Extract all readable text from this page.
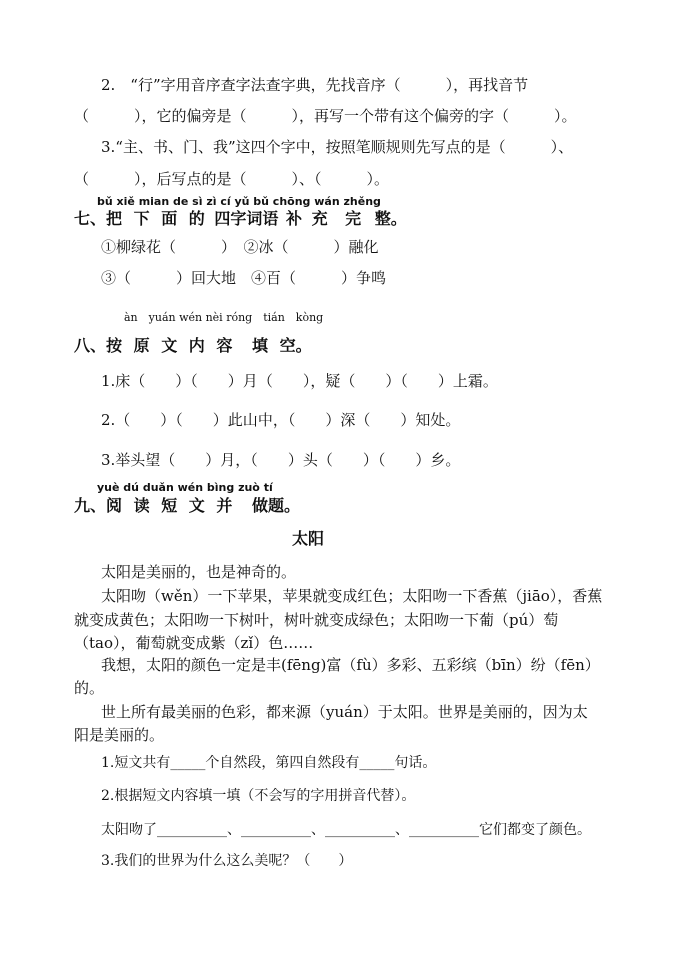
2.　“行”字用音序查字法查字典，先找音序（　　　），再找音节
（　　　），它的偏旁是（　　　），再写一个带有这个偏旁的字（　　　）。
3.“主、书、门、我”这四个字中，按照笔顺规则先写点的是（　　　）、
（　　　），后写点的是（　　　）、（　　　）。
bǔ xiě mian de sì zì cí yǔ bǔ chōng wán zhěng
七、把 下 面 的 四字词语 补 充 完 整。
①柳绿花（　　　）　②冰（　　　）融化
③（　　　）回大地　④百（　　　）争鸣
àn　yuán wén nèi róng　tián　kòng
八、按 原 文 内 容 填 空。
1.床（　　）（　　）月（　　），疑（　　）（　　）上霜。
2.（　　）（　　）此山中，（　　）深（　　）知处。
3.举头望（　　）月，（　　）头（　　）（　　）乡。
yuè dú duǎn wén bìng zuò tí
九、阅 读 短 文 并 做题。
太阳
太阳是美丽的，也是神奇的。
太阳吻（wěn）一下苹果，苹果就变成红色；太阳吻一下香蕉（jiāo），香蕉
就变成黄色；太阳吻一下树叶，树叶就变成绿色；太阳吻一下葡（pú）萄
（tao），葡萄就变成紫（zǐ）色……
我想，太阳的颜色一定是丰(fēng)富（fù）多彩、五彩缤（bīn）纷（fēn）
的。
世上所有最美丽的色彩，都来源（yuán）于太阳。世界是美丽的，因为太
阳是美丽的。
1.短文共有_____个自然段，第四自然段有_____句话。
2.根据短文内容填一填（不会写的字用拼音代替）。
太阳吻了__________、__________、__________、__________它们都变了颜色。
3.我们的世界为什么这么美呢？（　　）
